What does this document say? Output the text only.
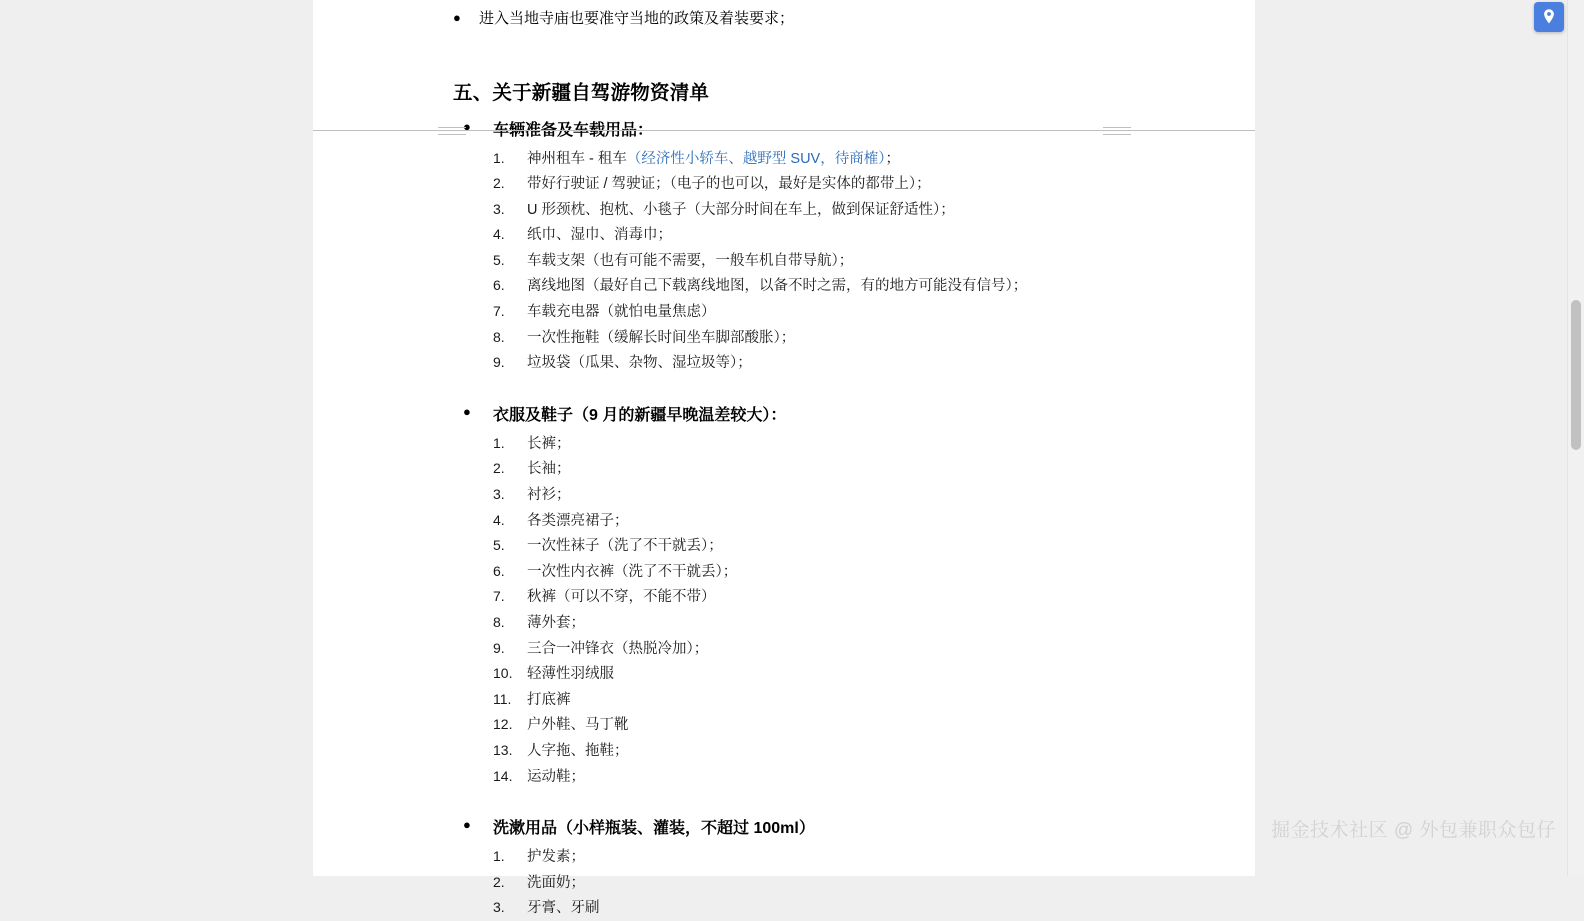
●	进入当地寺庙也要准守当地的政策及着装要求；
五、关于新疆自驾游物资清单
●	车辆准备及车载用品：
1.	神州租车 - 租车（经济性小轿车、越野型 SUV，待商榷）；
2.	带好行驶证 / 驾驶证；（电子的也可以，最好是实体的都带上）；
3.	U 形颈枕、抱枕、小毯子（大部分时间在车上，做到保证舒适性）；
4.	纸巾、湿巾、消毒巾；
5.	车载支架（也有可能不需要，一般车机自带导航）；
6.	离线地图（最好自己下载离线地图，以备不时之需，有的地方可能没有信号）；
7.	车载充电器（就怕电量焦虑）
8.	一次性拖鞋（缓解长时间坐车脚部酸胀）；
9.	垃圾袋（瓜果、杂物、湿垃圾等）；
●	衣服及鞋子（9 月的新疆早晚温差较大）：
1.	长裤；
2.	长袖；
3.	衬衫；
4.	各类漂亮裙子；
5.	一次性袜子（洗了不干就丢）；
6.	一次性内衣裤（洗了不干就丢）；
7.	秋裤（可以不穿，不能不带）
8.	薄外套；
9.	三合一冲锋衣（热脱冷加）；
10.	轻薄性羽绒服
11.	打底裤
12.	户外鞋、马丁靴
13.	人字拖、拖鞋；
14.	运动鞋；
●	洗漱用品（小样瓶装、灌装，不超过 100ml）
1.	护发素；
2.	洗面奶；
3.	牙膏、牙刷
掘金技术社区 @ 外包兼职众包仔
